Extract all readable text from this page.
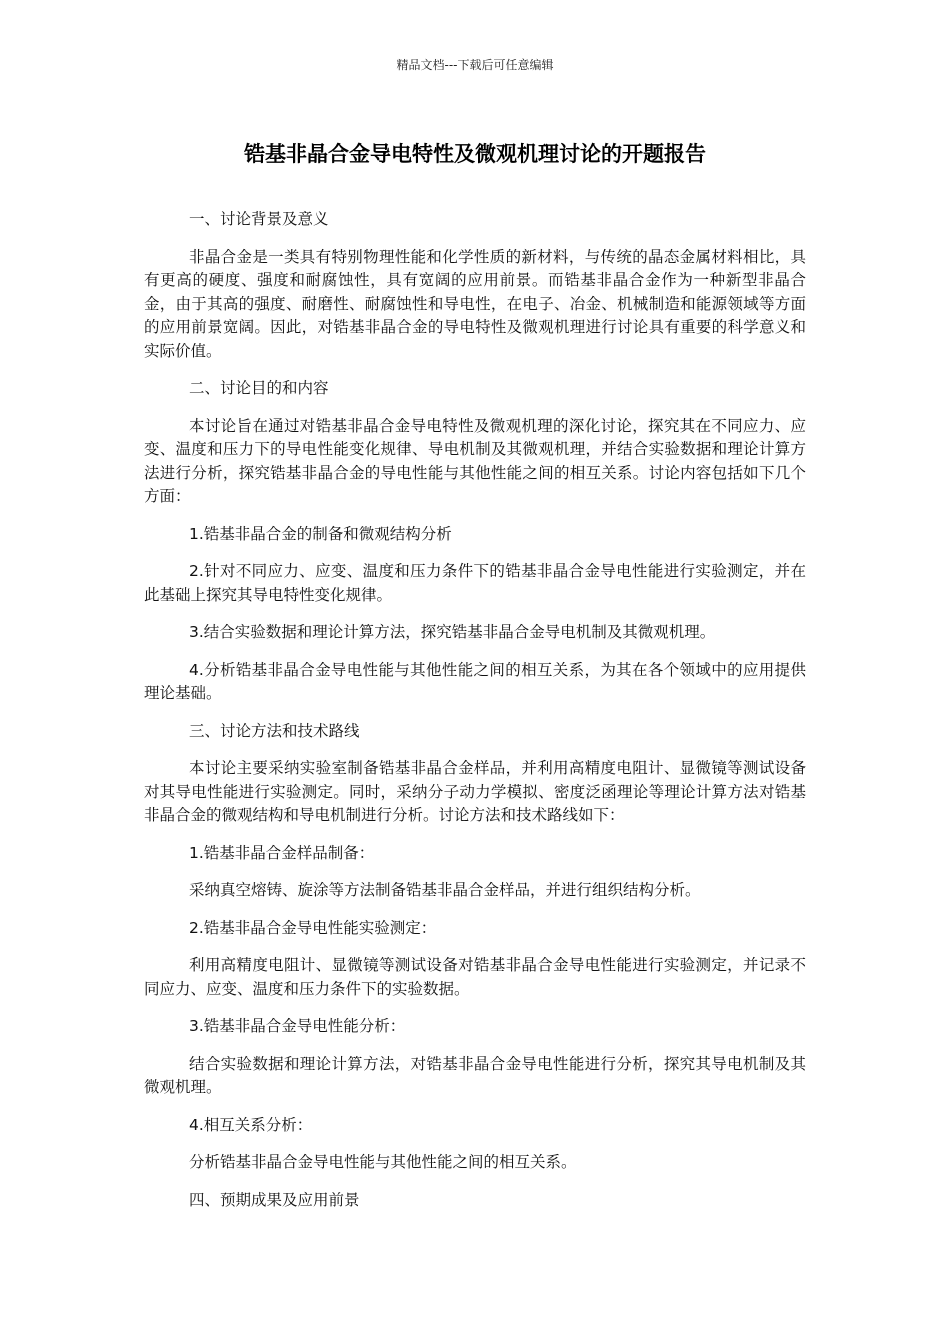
精品文档---下载后可任意编辑
锆基非晶合金导电特性及微观机理讨论的开题报告

一、讨论背景及意义

非晶合金是一类具有特别物理性能和化学性质的新材料，与传统的晶态金属材料相比，具有更高的硬度、强度和耐腐蚀性，具有宽阔的应用前景。而锆基非晶合金作为一种新型非晶合金，由于其高的强度、耐磨性、耐腐蚀性和导电性，在电子、冶金、机械制造和能源领域等方面的应用前景宽阔。因此，对锆基非晶合金的导电特性及微观机理进行讨论具有重要的科学意义和实际价值。

二、讨论目的和内容

本讨论旨在通过对锆基非晶合金导电特性及微观机理的深化讨论，探究其在不同应力、应变、温度和压力下的导电性能变化规律、导电机制及其微观机理，并结合实验数据和理论计算方法进行分析，探究锆基非晶合金的导电性能与其他性能之间的相互关系。讨论内容包括如下几个方面：

1.锆基非晶合金的制备和微观结构分析

2.针对不同应力、应变、温度和压力条件下的锆基非晶合金导电性能进行实验测定，并在此基础上探究其导电特性变化规律。

3.结合实验数据和理论计算方法，探究锆基非晶合金导电机制及其微观机理。

4.分析锆基非晶合金导电性能与其他性能之间的相互关系，为其在各个领域中的应用提供理论基础。

三、讨论方法和技术路线

本讨论主要采纳实验室制备锆基非晶合金样品，并利用高精度电阻计、显微镜等测试设备对其导电性能进行实验测定。同时，采纳分子动力学模拟、密度泛函理论等理论计算方法对锆基非晶合金的微观结构和导电机制进行分析。讨论方法和技术路线如下：

1.锆基非晶合金样品制备：

采纳真空熔铸、旋涂等方法制备锆基非晶合金样品，并进行组织结构分析。

2.锆基非晶合金导电性能实验测定：

利用高精度电阻计、显微镜等测试设备对锆基非晶合金导电性能进行实验测定，并记录不同应力、应变、温度和压力条件下的实验数据。

3.锆基非晶合金导电性能分析：

结合实验数据和理论计算方法，对锆基非晶合金导电性能进行分析，探究其导电机制及其微观机理。

4.相互关系分析：

分析锆基非晶合金导电性能与其他性能之间的相互关系。

四、预期成果及应用前景
